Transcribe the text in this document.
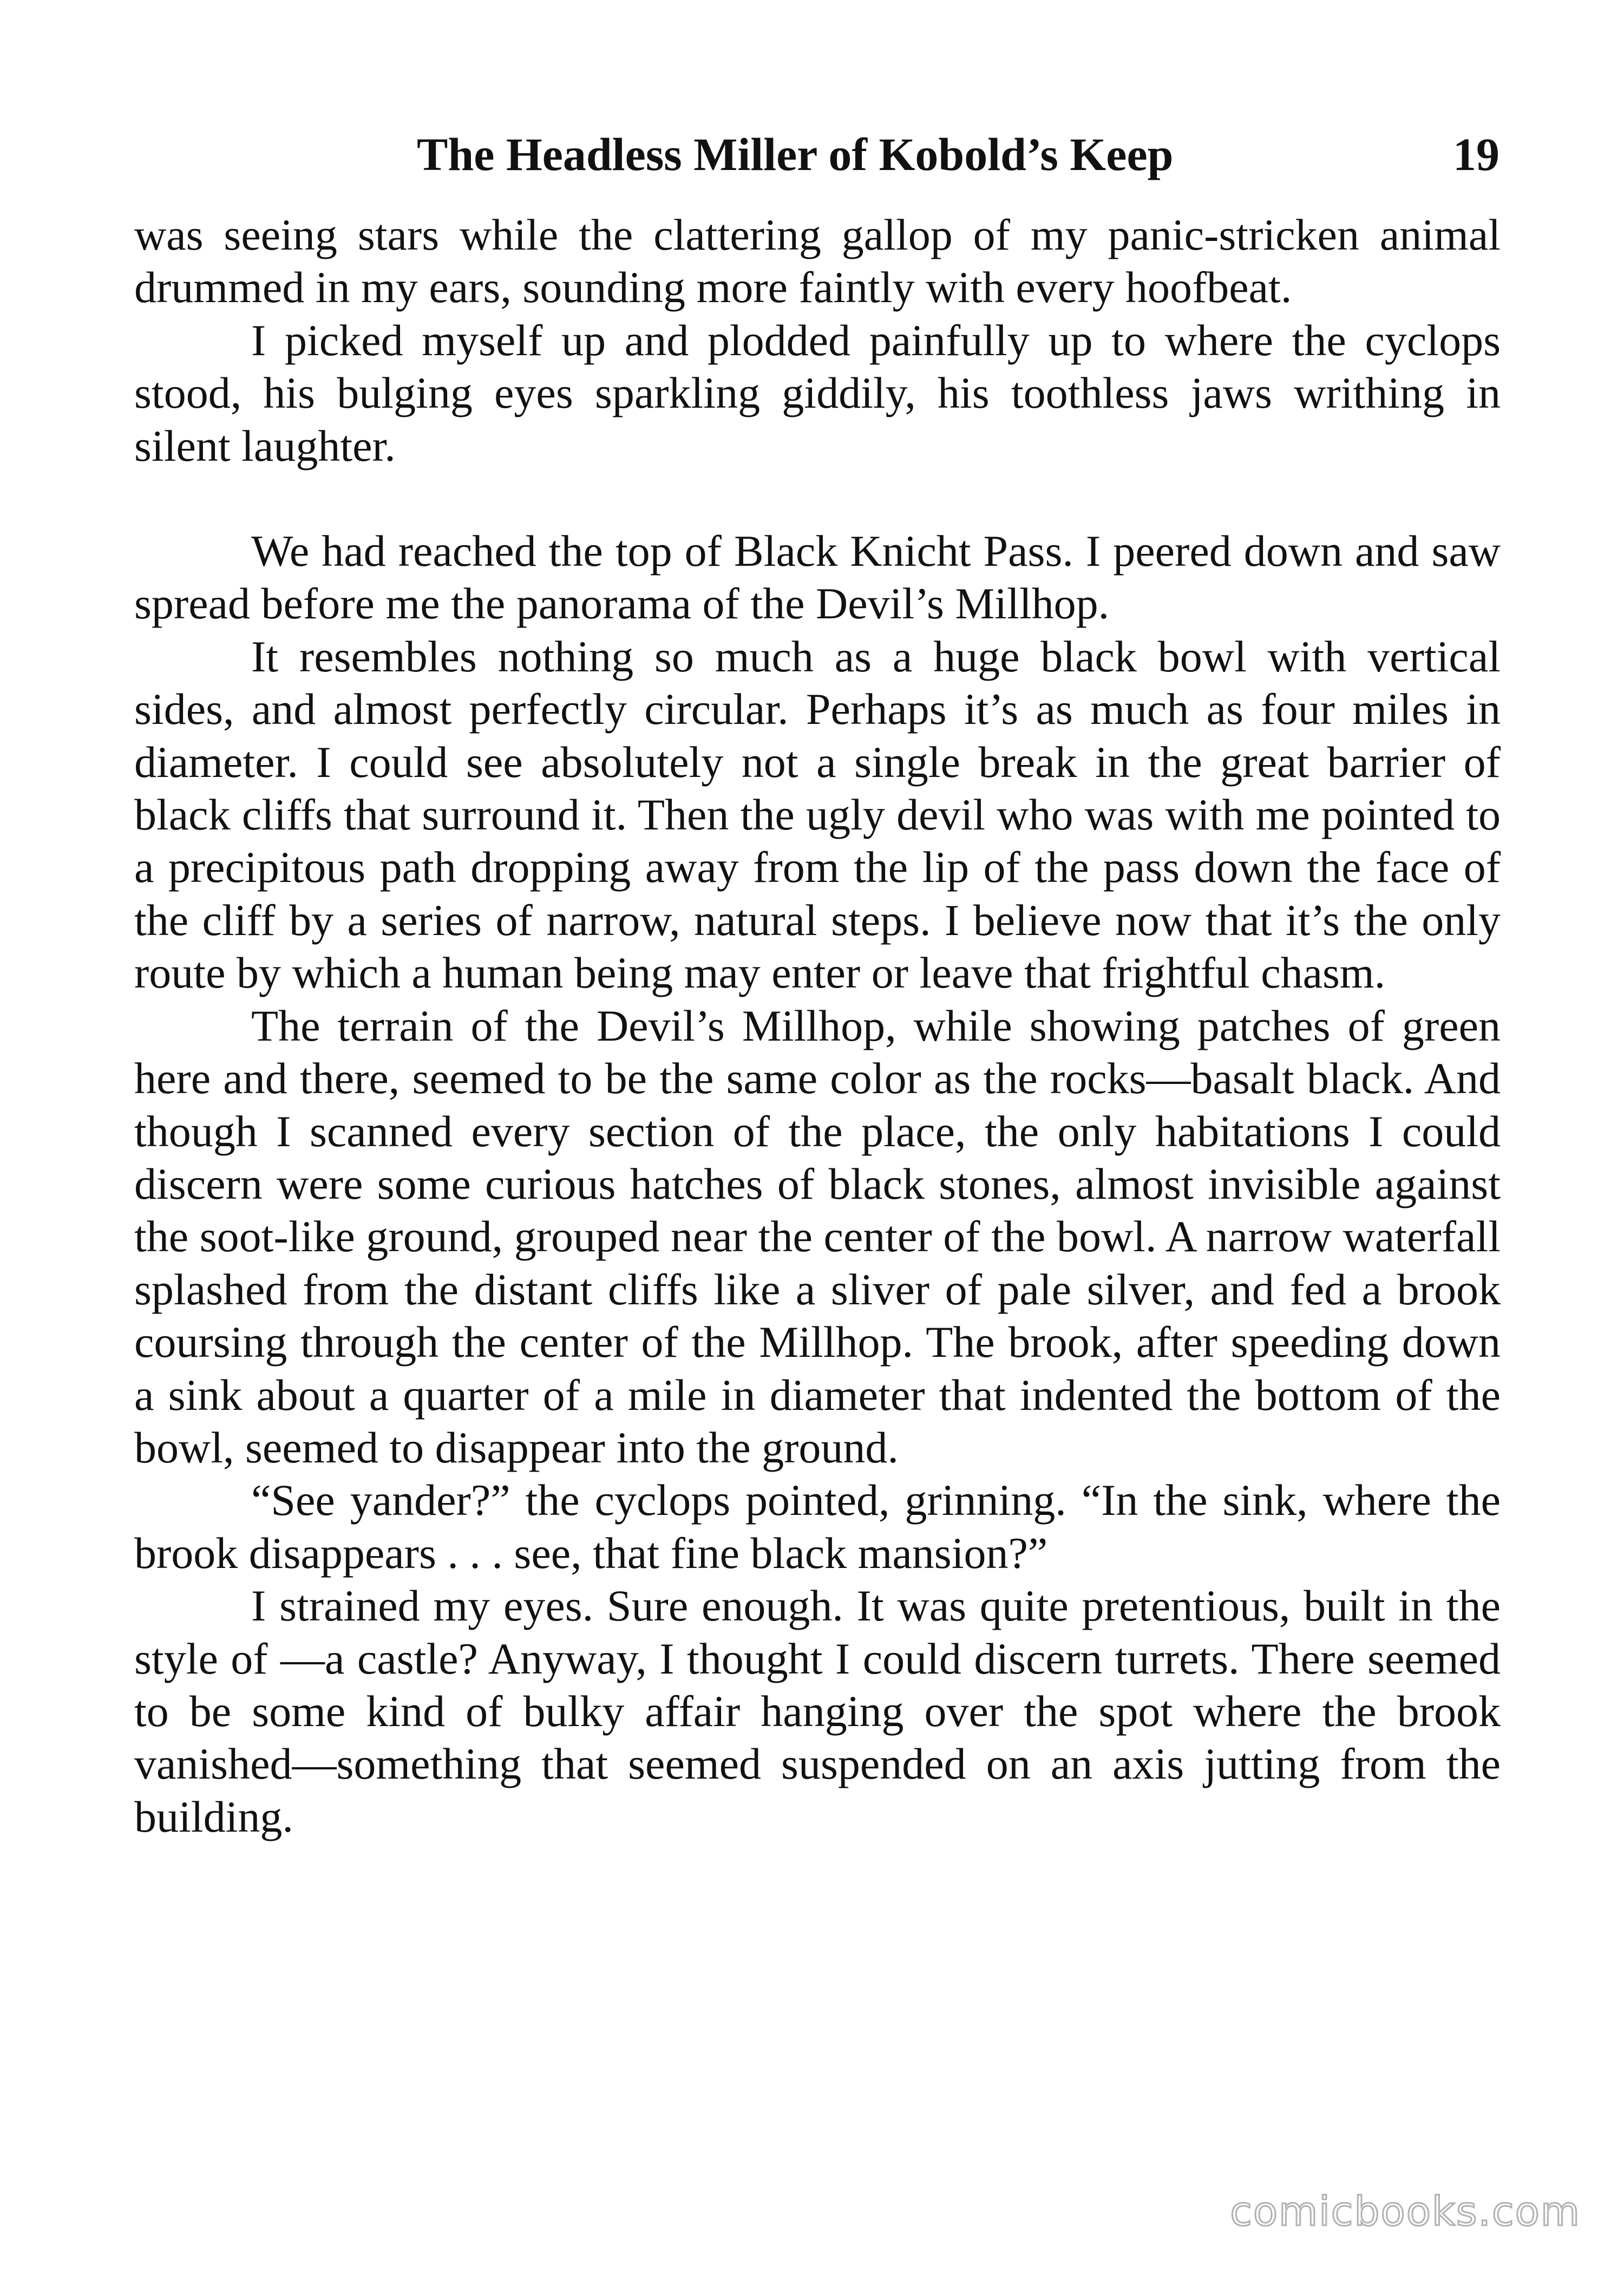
The Headless Miller of Kobold’s Keep	19

was seeing stars while the clattering gallop of my panic-stricken animal drummed in my ears, sounding more faintly with every hoofbeat.

I picked myself up and plodded painfully up to where the cyclops stood, his bulging eyes sparkling giddily, his toothless jaws writhing in silent laughter.

We had reached the top of Black Knicht Pass. I peered down and saw spread before me the panorama of the Devil’s Millhop.

It resembles nothing so much as a huge black bowl with vertical sides, and almost perfectly circular. Perhaps it’s as much as four miles in diameter. I could see absolutely not a single break in the great barrier of black cliffs that surround it. Then the ugly devil who was with me pointed to a precipitous path dropping away from the lip of the pass down the face of the cliff by a series of narrow, natural steps. I believe now that it’s the only route by which a human being may enter or leave that frightful chasm.

The terrain of the Devil’s Millhop, while showing patches of green here and there, seemed to be the same color as the rocks—basalt black. And though I scanned every section of the place, the only habitations I could discern were some curious hatches of black stones, almost invisible against the soot-like ground, grouped near the center of the bowl. A narrow waterfall splashed from the distant cliffs like a sliver of pale silver, and fed a brook coursing through the center of the Millhop. The brook, after speeding down a sink about a quarter of a mile in diameter that indented the bottom of the bowl, seemed to disappear into the ground.

“See yander?” the cyclops pointed, grinning. “In the sink, where the brook disappears . . . see, that fine black mansion?”

I strained my eyes. Sure enough. It was quite pretentious, built in the style of —a castle? Anyway, I thought I could discern turrets. There seemed to be some kind of bulky affair hanging over the spot where the brook vanished—something that seemed suspended on an axis jutting from the building.

comicbooks.com
